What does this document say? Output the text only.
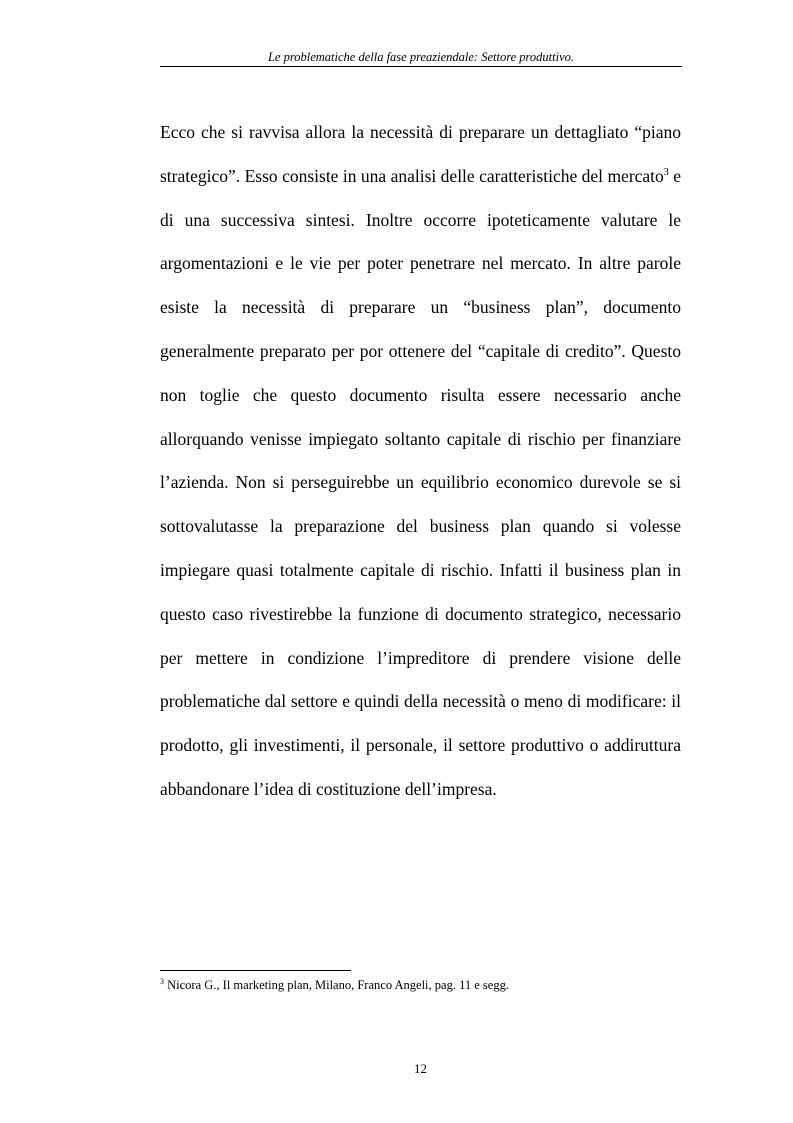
Le problematiche della fase preaziendale: Settore produttivo.

Ecco che si ravvisa allora la necessità di preparare un dettagliato “piano strategico”. Esso consiste in una analisi delle caratteristiche del mercato$^3$ e di una successiva sintesi. Inoltre occorre ipoteticamente valutare le argomentazioni e le vie per poter penetrare nel mercato. In altre parole esiste la necessità di preparare un “business plan”, documento generalmente preparato per por ottenere del “capitale di credito”. Questo non toglie che questo documento risulta essere necessario anche allorquando venisse impiegato soltanto capitale di rischio per finanziare l’azienda. Non si perseguirebbe un equilibrio economico durevole se si sottovalutasse la preparazione del business plan quando si volesse impiegare quasi totalmente capitale di rischio. Infatti il business plan in questo caso rivestirebbe la funzione di documento strategico, necessario per mettere in condizione l’impreditore di prendere visione delle problematiche dal settore e quindi della necessità o meno di modificare: il prodotto, gli investimenti, il personale, il settore produttivo o addiruttura abbandonare l’idea di costituzione dell’impresa.

$^3$ Nicora G., Il marketing plan, Milano, Franco Angeli, pag. 11 e segg.
12
